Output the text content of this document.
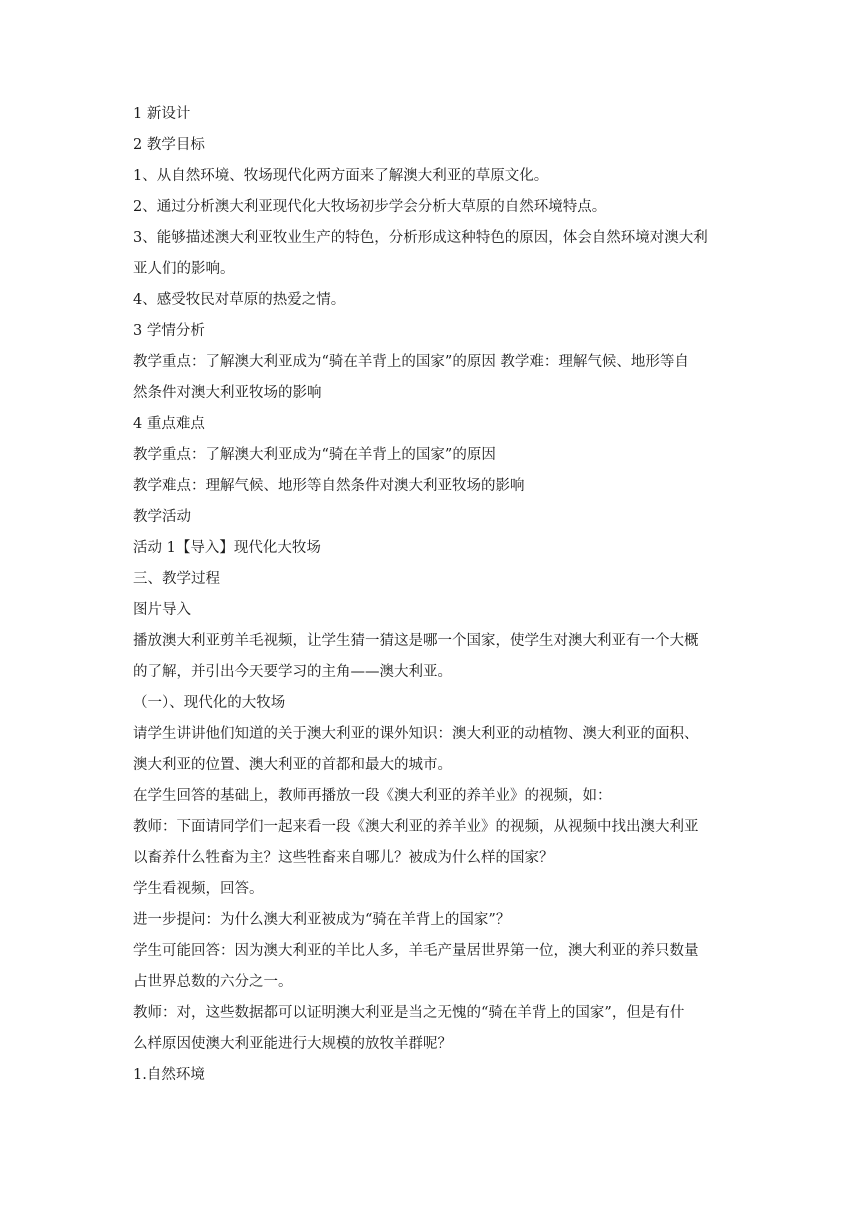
1 新设计
2 教学目标
1、从自然环境、牧场现代化两方面来了解澳大利亚的草原文化。
2、通过分析澳大利亚现代化大牧场初步学会分析大草原的自然环境特点。
3、能够描述澳大利亚牧业生产的特色，分析形成这种特色的原因，体会自然环境对澳大利
亚人们的影响。
4、感受牧民对草原的热爱之情。
3 学情分析
教学重点：了解澳大利亚成为“骑在羊背上的国家”的原因 教学难：理解气候、地形等自
然条件对澳大利亚牧场的影响
4 重点难点
教学重点：了解澳大利亚成为“骑在羊背上的国家”的原因
教学难点：理解气候、地形等自然条件对澳大利亚牧场的影响
教学活动
活动 1【导入】现代化大牧场
三、教学过程
图片导入
播放澳大利亚剪羊毛视频，让学生猜一猜这是哪一个国家，使学生对澳大利亚有一个大概
的了解，并引出今天要学习的主角——澳大利亚。
（一）、现代化的大牧场
请学生讲讲他们知道的关于澳大利亚的课外知识：澳大利亚的动植物、澳大利亚的面积、
澳大利亚的位置、澳大利亚的首都和最大的城市。
在学生回答的基础上，教师再播放一段《澳大利亚的养羊业》的视频，如：
教师：下面请同学们一起来看一段《澳大利亚的养羊业》的视频，从视频中找出澳大利亚
以畜养什么牲畜为主？这些牲畜来自哪儿？被成为什么样的国家？
学生看视频，回答。
进一步提问：为什么澳大利亚被成为“骑在羊背上的国家”？
学生可能回答：因为澳大利亚的羊比人多，羊毛产量居世界第一位，澳大利亚的养只数量
占世界总数的六分之一。
教师：对，这些数据都可以证明澳大利亚是当之无愧的“骑在羊背上的国家”，但是有什
么样原因使澳大利亚能进行大规模的放牧羊群呢？
1.自然环境
